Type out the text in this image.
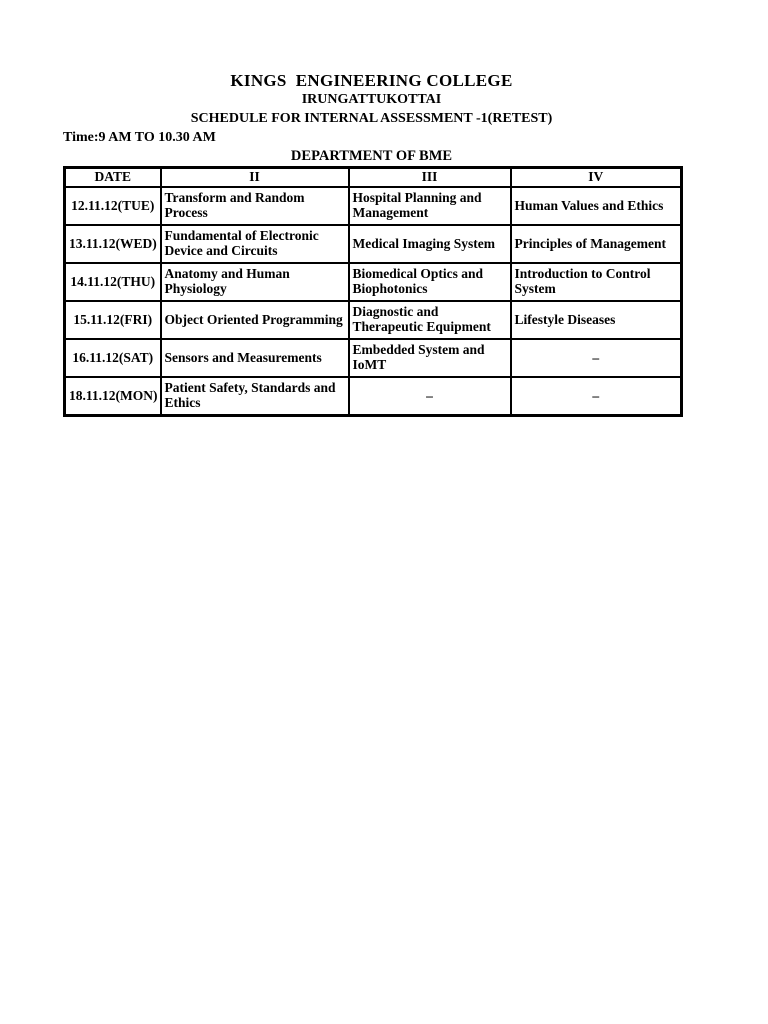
KINGS  ENGINEERING COLLEGE
IRUNGATTUKOTTAI
SCHEDULE FOR INTERNAL ASSESSMENT -1(RETEST)
Time:9 AM TO 10.30 AM
DEPARTMENT OF BME
DATE	II	III	IV
12.11.12(TUE)	Transform and Random Process	Hospital Planning and Management	Human Values and Ethics
13.11.12(WED)	Fundamental of Electronic Device and Circuits	Medical Imaging System	Principles of Management
14.11.12(THU)	Anatomy and Human Physiology	Biomedical Optics and Biophotonics	Introduction to Control System
15.11.12(FRI)	Object Oriented Programming	Diagnostic and Therapeutic Equipment	Lifestyle Diseases
16.11.12(SAT)	Sensors and Measurements	Embedded System and IoMT	–
18.11.12(MON)	Patient Safety, Standards and Ethics	–	–
